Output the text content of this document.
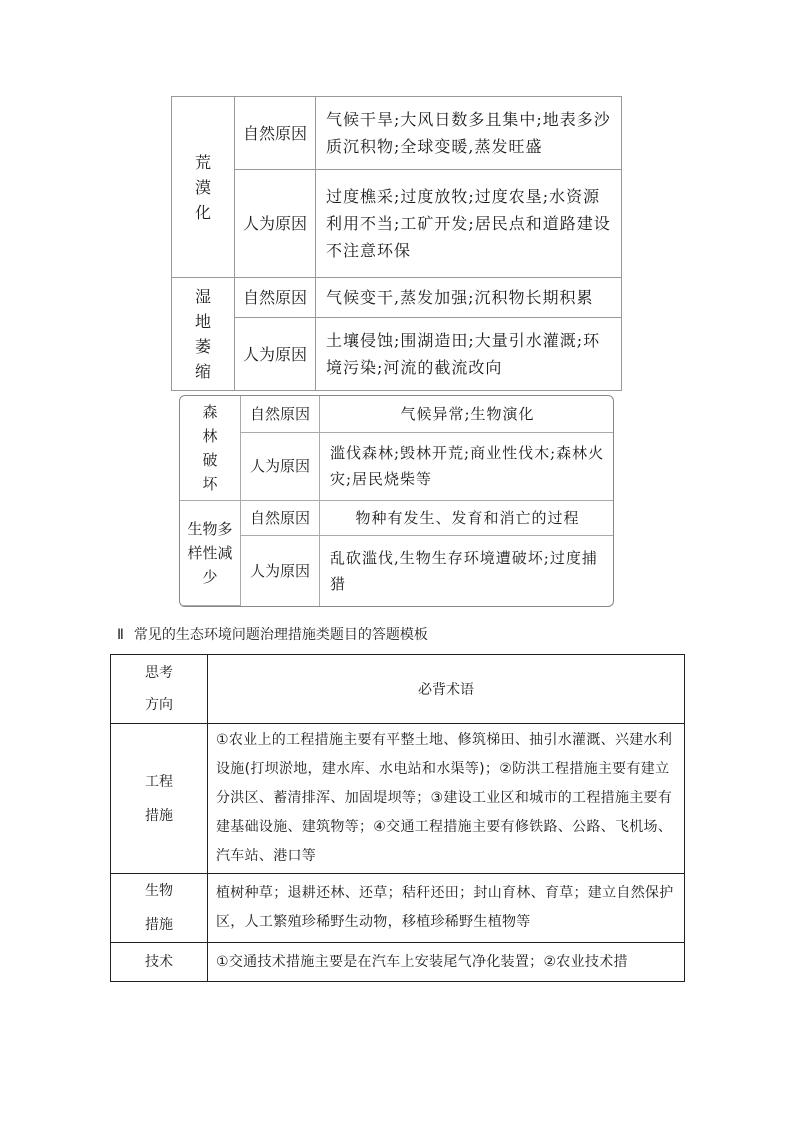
荒漠化	自然原因	气候干旱;大风日数多且集中;地表多沙质沉积物;全球变暖,蒸发旺盛
	人为原因	过度樵采;过度放牧;过度农垦;水资源利用不当;工矿开发;居民点和道路建设不注意环保
湿地萎缩	自然原因	气候变干,蒸发加强;沉积物长期积累
	人为原因	土壤侵蚀;围湖造田;大量引水灌溉;环境污染;河流的截流改向
森林破坏	自然原因	气候异常;生物演化
	人为原因	滥伐森林;毁林开荒;商业性伐木;森林火灾;居民烧柴等
生物多样性减少	自然原因	物种有发生、发育和消亡的过程
	人为原因	乱砍滥伐,生物生存环境遭破坏;过度捕猎
Ⅱ 常见的生态环境问题治理措施类题目的答题模板
思考
方向	必背术语

工程
措施	①农业上的工程措施主要有平整土地、修筑梯田、抽引水灌溉、兴建水利设施(打坝淤地，建水库、水电站和水渠等)；②防洪工程措施主要有建立分洪区、蓄清排浑、加固堤坝等；③建设工业区和城市的工程措施主要有建基础设施、建筑物等；④交通工程措施主要有修铁路、公路、飞机场、汽车站、港口等

生物
措施	植树种草；退耕还林、还草；秸秆还田；封山育林、育草；建立自然保护区，人工繁殖珍稀野生动物，移植珍稀野生植物等

技术	①交通技术措施主要是在汽车上安装尾气净化装置；②农业技术措
